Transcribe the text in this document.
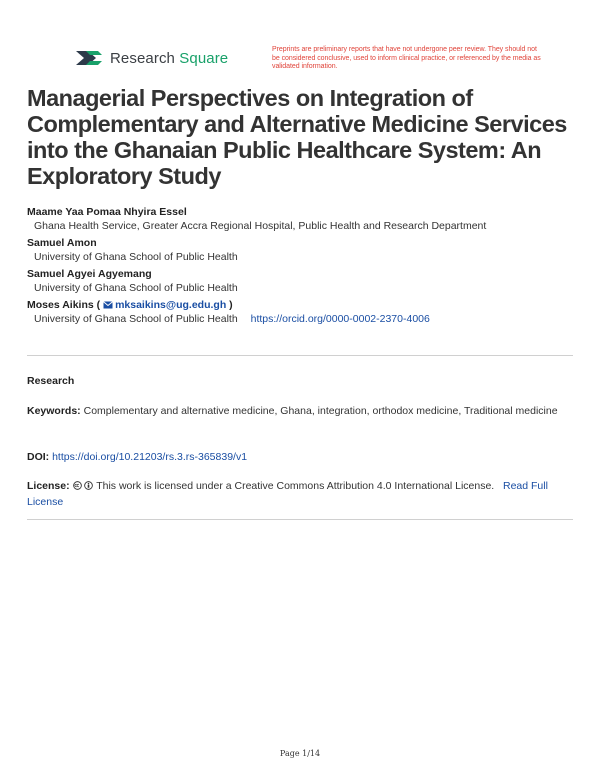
Research Square	Preprints are preliminary reports that have not undergone peer review. They should not be considered conclusive, used to inform clinical practice, or referenced by the media as validated information.
Managerial Perspectives on Integration of Complementary and Alternative Medicine Services into the Ghanaian Public Healthcare System: An Exploratory Study
Maame Yaa Pomaa Nhyira Essel
Ghana Health Service, Greater Accra Regional Hospital, Public Health and Research Department
Samuel Amon
University of Ghana School of Public Health
Samuel Agyei Agyemang
University of Ghana School of Public Health
Moses Aikins (	mksaikins@ug.edu.gh )
University of Ghana School of Public Health https://orcid.org/0000-0002-2370-4006
Research
Keywords: Complementary and alternative medicine, Ghana, integration, orthodox medicine, Traditional medicine
DOI: https://doi.org/10.21203/rs.3.rs-365839/v1
License:	This work is licensed under a Creative Commons Attribution 4.0 International License. Read Full License
Page 1/14
